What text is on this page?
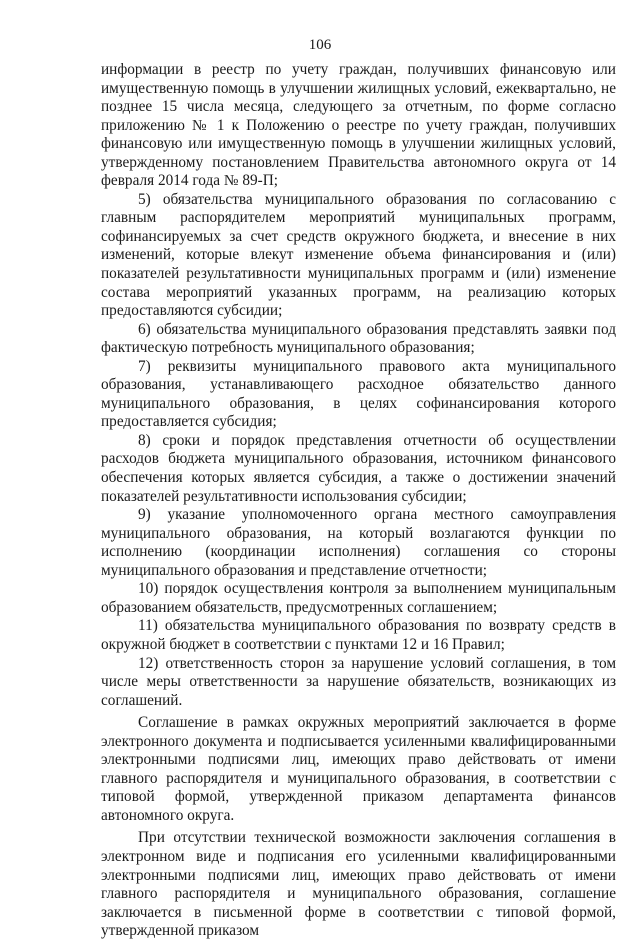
106

информации в реестр по учету граждан, получивших финансовую или имущественную помощь в улучшении жилищных условий, ежеквартально, не позднее 15 числа месяца, следующего за отчетным, по форме согласно приложению № 1 к Положению о реестре по учету граждан, получивших финансовую или имущественную помощь в улучшении жилищных условий, утвержденному постановлением Правительства автономного округа от 14 февраля 2014 года № 89-П;

5) обязательства муниципального образования по согласованию с главным распорядителем мероприятий муниципальных программ, софинансируемых за счет средств окружного бюджета, и внесение в них изменений, которые влекут изменение объема финансирования и (или) показателей результативности муниципальных программ и (или) изменение состава мероприятий указанных программ, на реализацию которых предоставляются субсидии;

6) обязательства муниципального образования представлять заявки под фактическую потребность муниципального образования;

7) реквизиты муниципального правового акта муниципального образования, устанавливающего расходное обязательство данного муниципального образования, в целях софинансирования которого предоставляется субсидия;

8) сроки и порядок представления отчетности об осуществлении расходов бюджета муниципального образования, источником финансового обеспечения которых является субсидия, а также о достижении значений показателей результативности использования субсидии;

9) указание уполномоченного органа местного самоуправления муниципального образования, на который возлагаются функции по исполнению (координации исполнения) соглашения со стороны муниципального образования и представление отчетности;

10) порядок осуществления контроля за выполнением муниципальным образованием обязательств, предусмотренных соглашением;

11) обязательства муниципального образования по возврату средств в окружной бюджет в соответствии с пунктами 12 и 16 Правил;

12) ответственность сторон за нарушение условий соглашения, в том числе меры ответственности за нарушение обязательств, возникающих из соглашений.

Соглашение в рамках окружных мероприятий заключается в форме электронного документа и подписывается усиленными квалифицированными электронными подписями лиц, имеющих право действовать от имени главного распорядителя и муниципального образования, в соответствии с типовой формой, утвержденной приказом департамента финансов автономного округа.

При отсутствии технической возможности заключения соглашения в электронном виде и подписания его усиленными квалифицированными электронными подписями лиц, имеющих право действовать от имени главного распорядителя и муниципального образования, соглашение заключается в письменной форме в соответствии с типовой формой, утвержденной приказом
